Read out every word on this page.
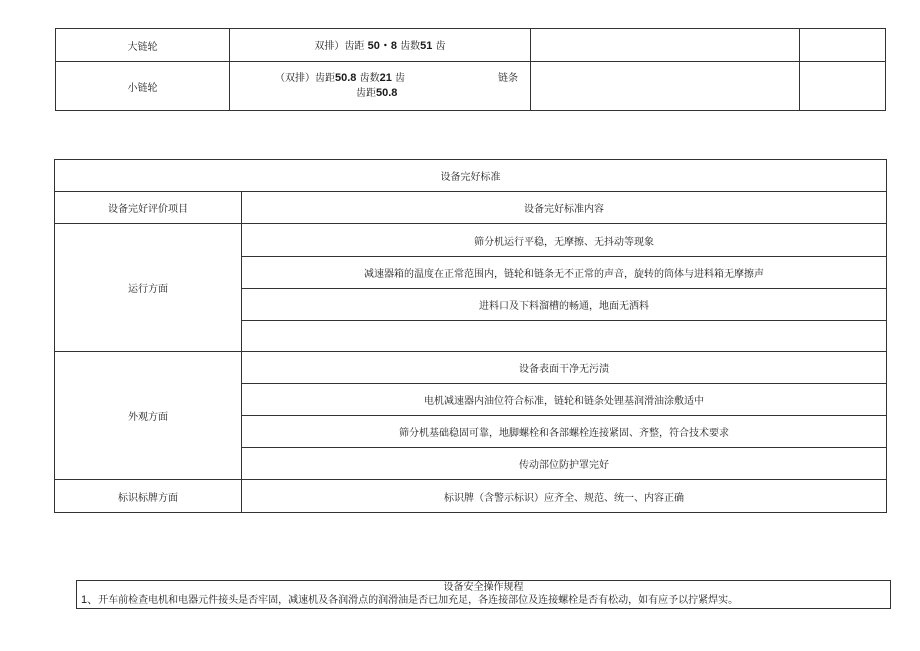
大链轮	双排）齿距 50・8 齿数51 齿		
小链轮	（双排）齿距50.8 齿数21 齿 链条
齿距50.8		

设备完好标准	
设备完好评价项目	设备完好标准内容
运行方面	筛分机运行平稳，无摩擦、无抖动等现象
	减速器箱的温度在正常范围内，链轮和链条无不正常的声音，旋转的筒体与进料箱无摩擦声
	进料口及下料溜槽的畅通，地面无洒料

外观方面	设备表面干净无污渍
	电机减速器内油位符合标准，链轮和链条处锂基润滑油涂敷适中
	筛分机基础稳固可靠，地脚螺栓和各部螺栓连接紧固、齐整，符合技术要求
	传动部位防护罩完好
标识标牌方面	标识牌（含警示标识）应齐全、规范、统一、内容正确
设备安全操作规程
1、开车前检查电机和电器元件接头是否牢固，减速机及各润滑点的润滑油是否已加充足，各连接部位及连接螺栓是否有松动，如有应予以拧紧焊实。
